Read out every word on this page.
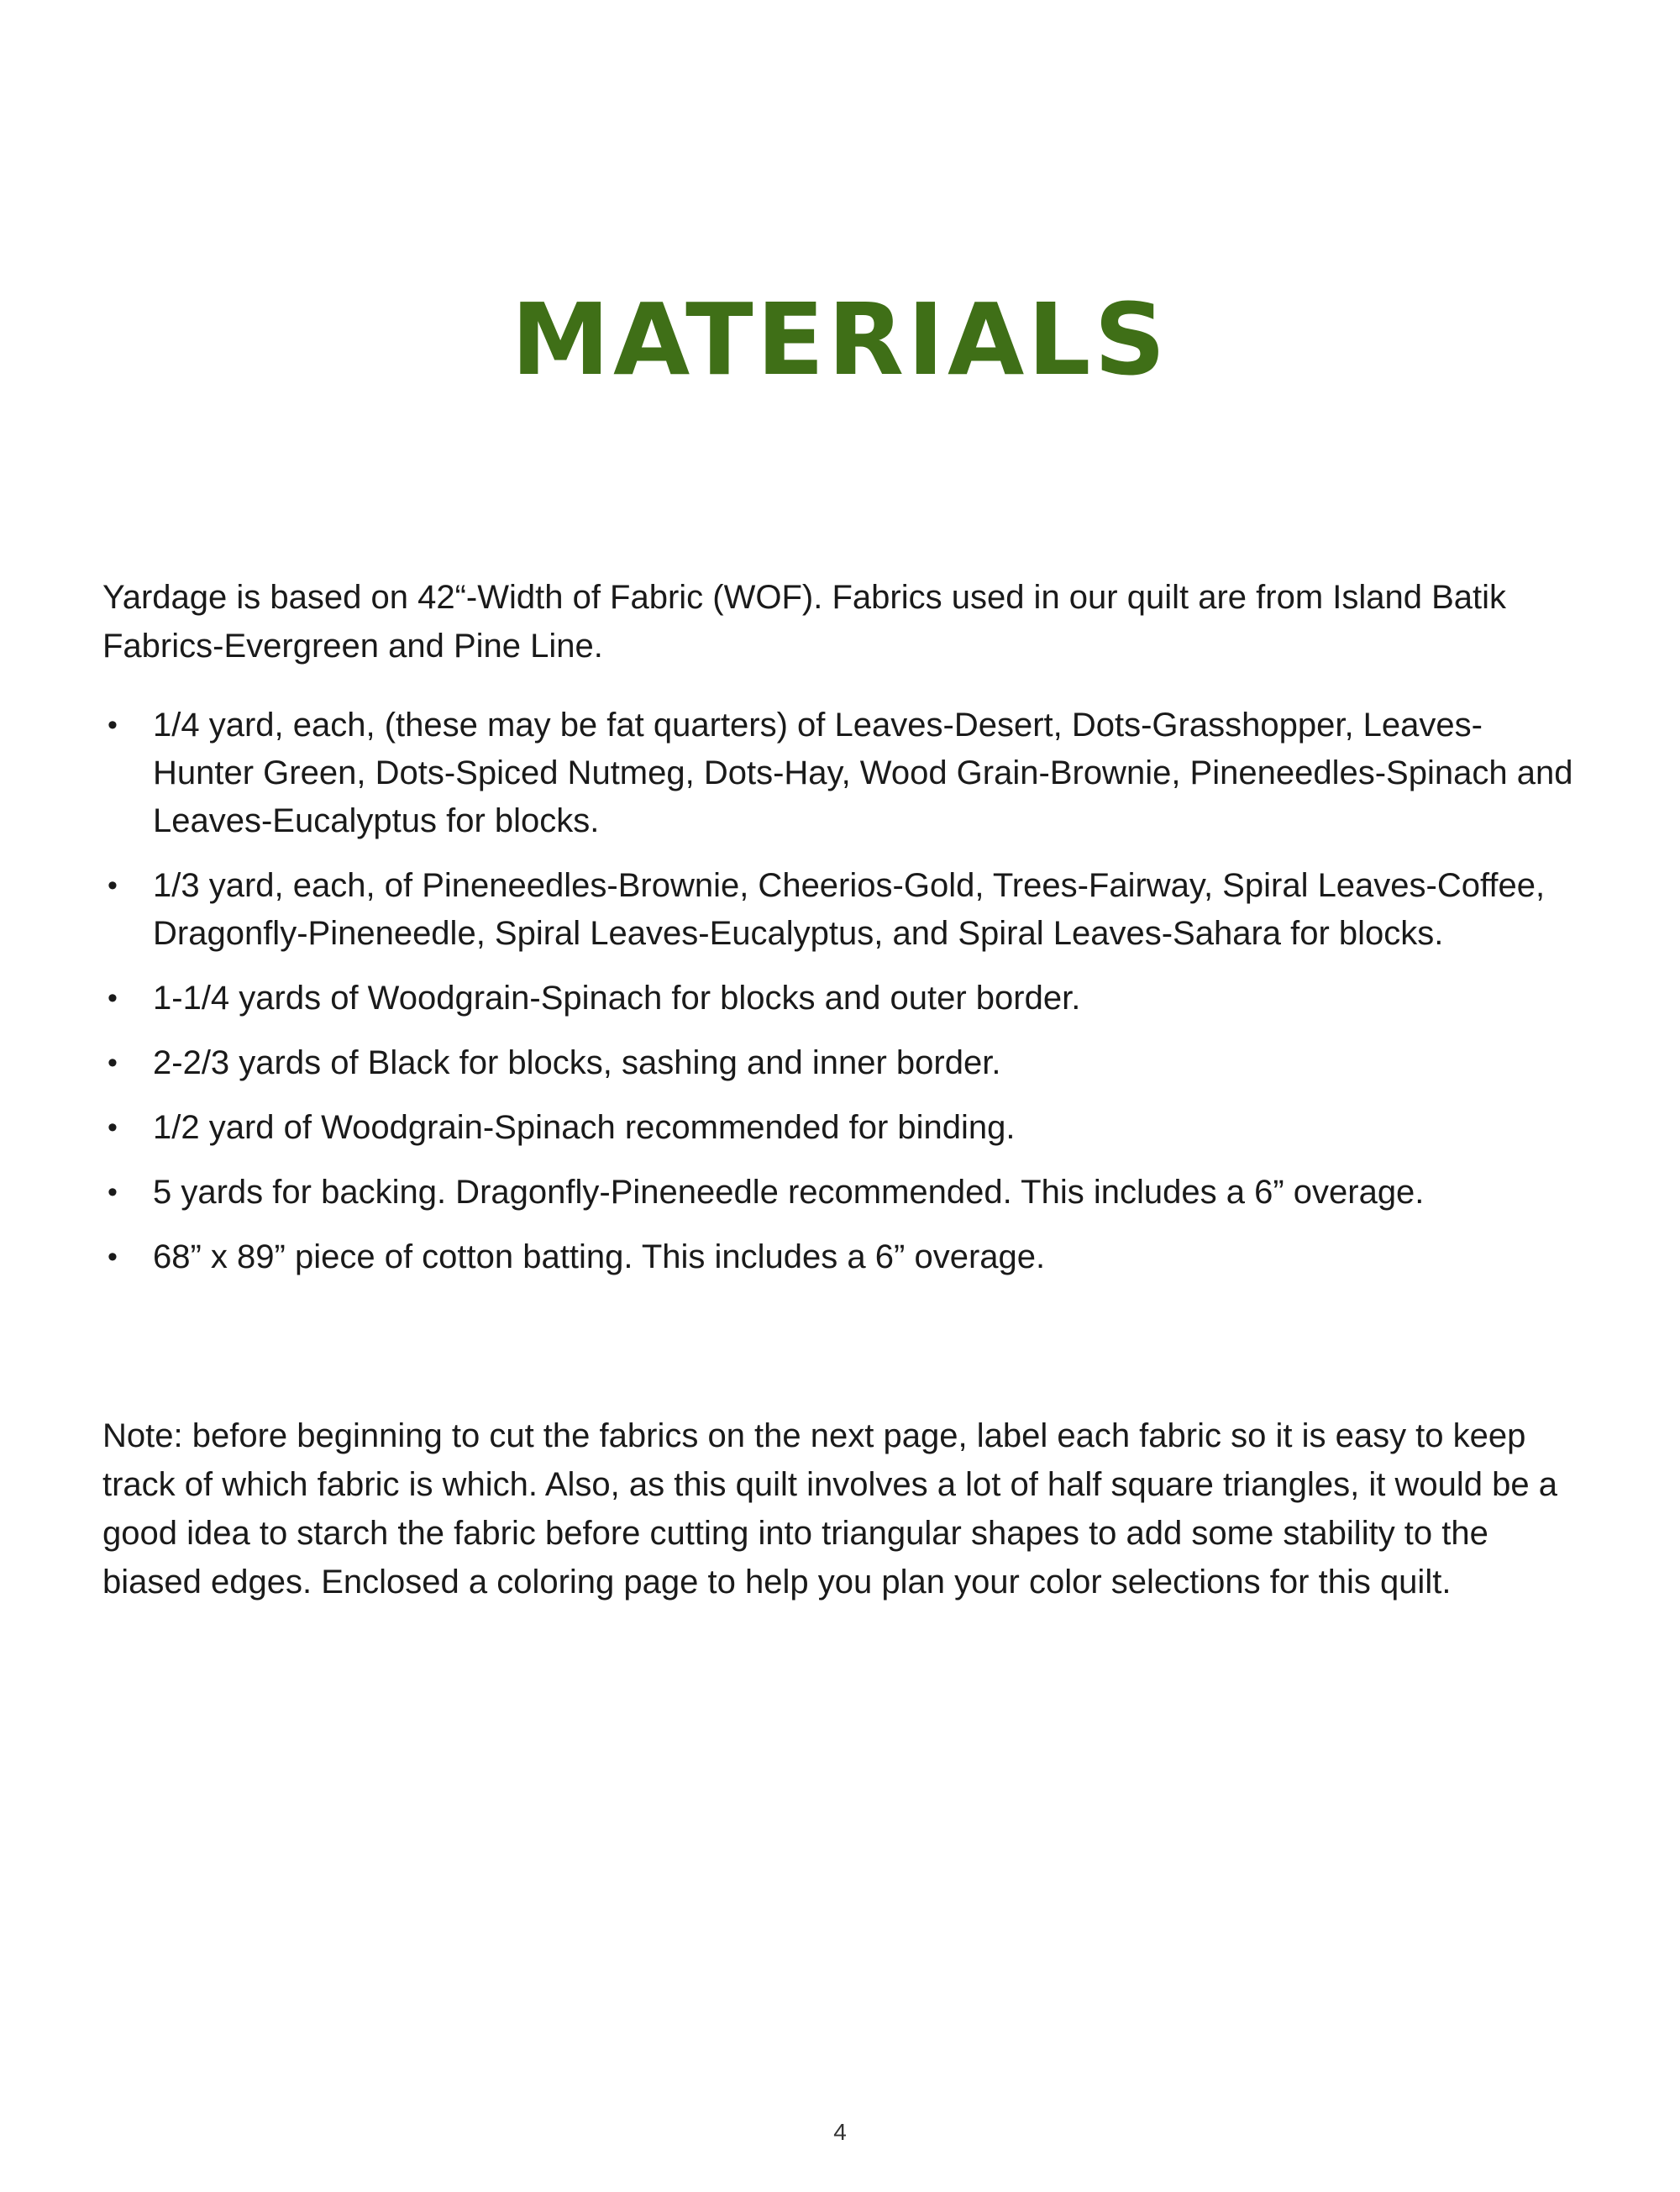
MATERIALS

Yardage is based on 42“-Width of Fabric (WOF). Fabrics used in our quilt are from Island Batik Fabrics-Evergreen and Pine Line.

• 1/4 yard, each, (these may be fat quarters) of Leaves-Desert, Dots-Grasshopper, Leaves-Hunter Green, Dots-Spiced Nutmeg, Dots-Hay, Wood Grain-Brownie, Pineneedles-Spinach and Leaves-Eucalyptus for blocks.
• 1/3 yard, each, of Pineneedles-Brownie, Cheerios-Gold, Trees-Fairway, Spiral Leaves-Coffee, Dragonfly-Pineneedle, Spiral Leaves-Eucalyptus, and Spiral Leaves-Sahara for blocks.
• 1-1/4 yards of Woodgrain-Spinach for blocks and outer border.
• 2-2/3 yards of Black for blocks, sashing and inner border.
• 1/2 yard of Woodgrain-Spinach recommended for binding.
• 5 yards for backing. Dragonfly-Pineneedle recommended. This includes a 6” overage.
• 68” x 89” piece of cotton batting. This includes a 6” overage.

Note: before beginning to cut the fabrics on the next page, label each fabric so it is easy to keep track of which fabric is which. Also, as this quilt involves a lot of half square triangles, it would be a good idea to starch the fabric before cutting into triangular shapes to add some stability to the biased edges. Enclosed a coloring page to help you plan your color selections for this quilt.

4
